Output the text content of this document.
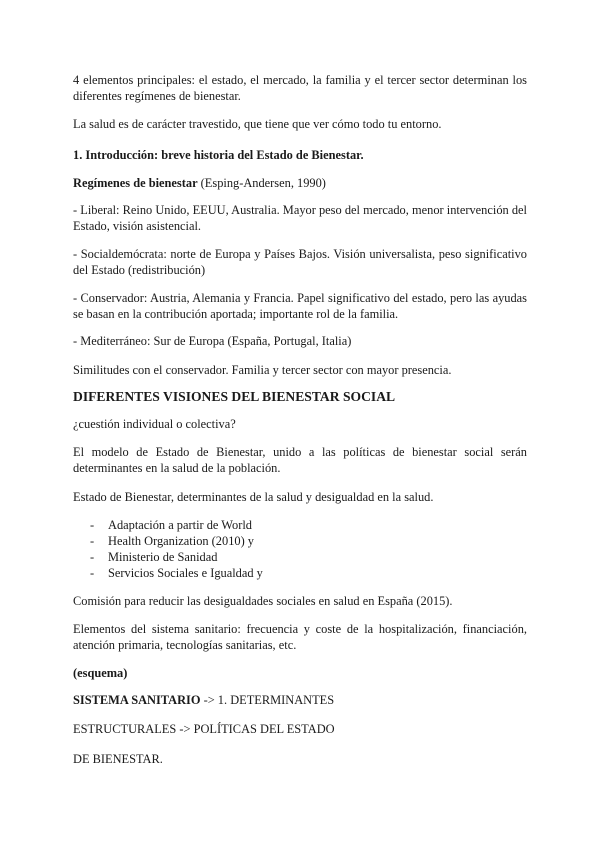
4 elementos principales: el estado, el mercado, la familia y el tercer sector determinan los diferentes regímenes de bienestar.

La salud es de carácter travestido, que tiene que ver cómo todo tu entorno.

1. Introducción: breve historia del Estado de Bienestar.

Regímenes de bienestar (Esping-Andersen, 1990)

- Liberal: Reino Unido, EEUU, Australia. Mayor peso del mercado, menor intervención del Estado, visión asistencial.

- Socialdemócrata: norte de Europa y Países Bajos. Visión universalista, peso significativo del Estado (redistribución)

- Conservador: Austria, Alemania y Francia. Papel significativo del estado, pero las ayudas se basan en la contribución aportada; importante rol de la familia.

- Mediterráneo: Sur de Europa (España, Portugal, Italia)

Similitudes con el conservador. Familia y tercer sector con mayor presencia.

DIFERENTES VISIONES DEL BIENESTAR SOCIAL

¿cuestión individual o colectiva?

El modelo de Estado de Bienestar, unido a las políticas de bienestar social serán determinantes en la salud de la población.

Estado de Bienestar, determinantes de la salud y desigualdad en la salud.

- Adaptación a partir de World
- Health Organization (2010) y
- Ministerio de Sanidad
- Servicios Sociales e Igualdad y

Comisión para reducir las desigualdades sociales en salud en España (2015).

Elementos del sistema sanitario: frecuencia y coste de la hospitalización, financiación, atención primaria, tecnologías sanitarias, etc.

(esquema)

SISTEMA SANITARIO -> 1. DETERMINANTES

ESTRUCTURALES -> POLÍTICAS DEL ESTADO

DE BIENESTAR.
